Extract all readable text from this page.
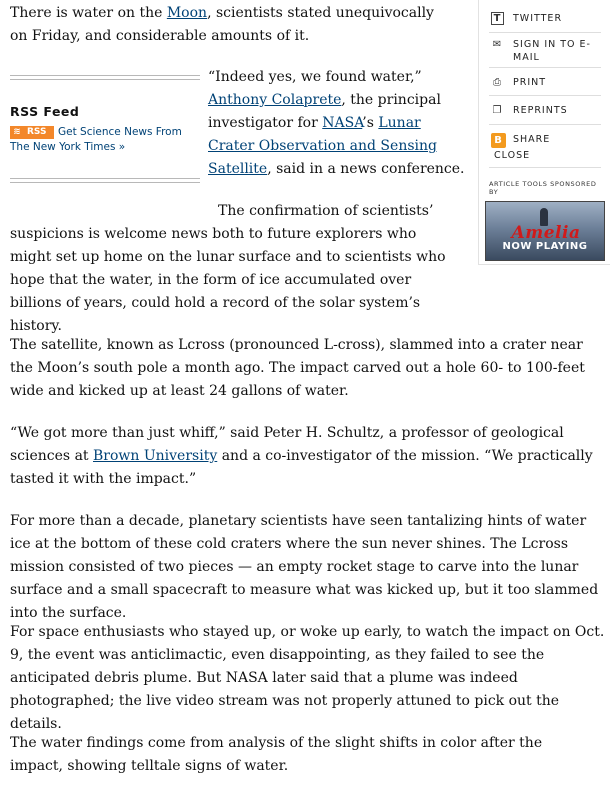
There is water on the Moon, scientists stated unequivocally on Friday, and considerable amounts of it.

The confirmation of scientists’ suspicions is welcome news both to future explorers who might set up home on the lunar surface and to scientists who hope that the water, in the form of ice accumulated over billions of years, could hold a record of the solar system’s history.

The satellite, known as Lcross (pronounced L-cross), slammed into a crater near the Moon’s south pole a month ago. The impact carved out a hole 60- to 100-feet wide and kicked up at least 24 gallons of water.

“We got more than just whiff,” said Peter H. Schultz, a professor of geological sciences at Brown University and a co-investigator of the mission. “We practically tasted it with the impact.”

For more than a decade, planetary scientists have seen tantalizing hints of water ice at the bottom of these cold craters where the sun never shines. The Lcross mission consisted of two pieces — an empty rocket stage to carve into the lunar surface and a small spacecraft to measure what was kicked up, but it too slammed into the surface.

For space enthusiasts who stayed up, or woke up early, to watch the impact on Oct. 9, the event was anticlimactic, even disappointing, as they failed to see the anticipated debris plume. But NASA later said that a plume was indeed photographed; the live video stream was not properly attuned to pick out the details.

The water findings come from analysis of the slight shifts in color after the impact, showing telltale signs of water.

“Indeed yes, we found water,” Anthony Colaprete, the principal investigator for NASA’s Lunar Crater Observation and Sensing Satellite, said in a news conference.

RSS Feed
≋ RSS	Get Science News From The New York Times »
T TWITTER
✉ SIGN IN TO E-MAIL
⎙ PRINT
❐ REPRINTS
B	SHARE
CLOSE
ARTICLE TOOLS SPONSORED BY
Amelia
NOW PLAYING
